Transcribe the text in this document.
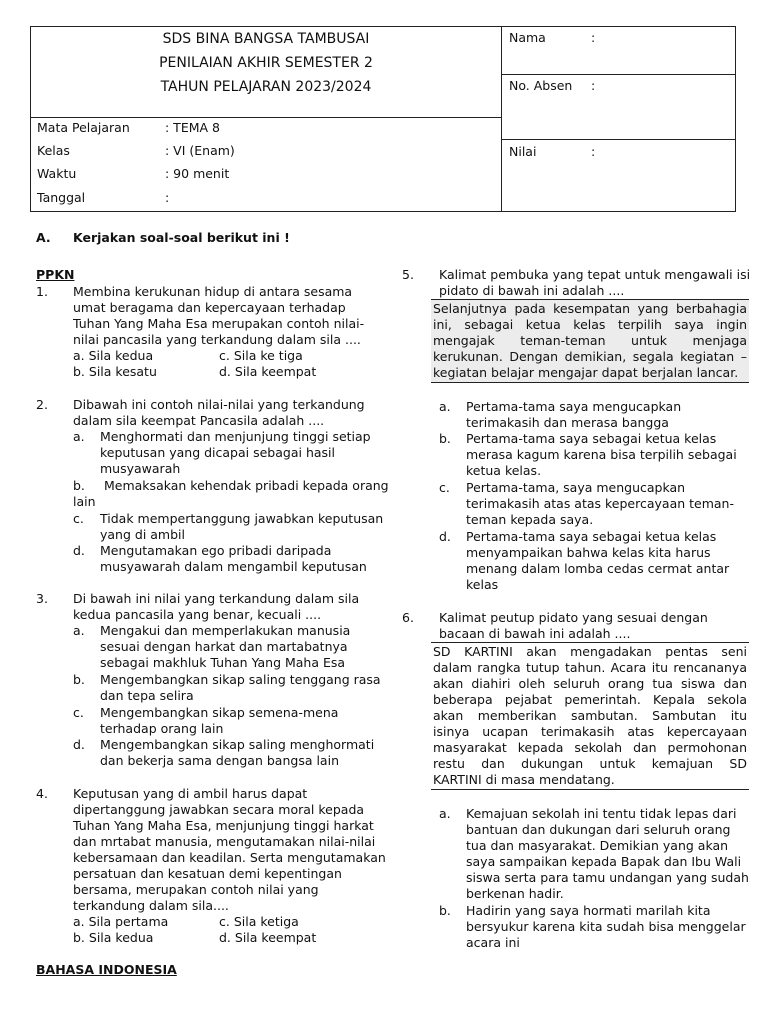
SDS BINA BANGSA TAMBUSAI
PENILAIAN AKHIR SEMESTER 2
TAHUN PELAJARAN 2023/2024
Mata Pelajaran	: TEMA 8
Kelas	: VI (Enam)
Waktu	: 90 menit
Tanggal	:
Nama	:
No. Absen :
Nilai	:
A. Kerjakan soal-soal berikut ini !
PPKN
1. Membina kerukunan hidup di antara sesama
umat beragama dan kepercayaan terhadap
Tuhan Yang Maha Esa merupakan contoh nilai-
nilai pancasila yang terkandung dalam sila ....
a. Sila kedua	c. Sila ke tiga
b. Sila kesatu	d. Sila keempat
2. Dibawah ini contoh nilai-nilai yang terkandung
dalam sila keempat Pancasila adalah ....
a. Menghormati dan menjunjung tinggi setiap
keputusan yang dicapai sebagai hasil
musyawarah
b. Memaksakan kehendak pribadi kepada orang
lain
c. Tidak mempertanggung jawabkan keputusan
yang di ambil
d. Mengutamakan ego pribadi daripada
musyawarah dalam mengambil keputusan
3. Di bawah ini nilai yang terkandung dalam sila
kedua pancasila yang benar, kecuali ....
a. Mengakui dan memperlakukan manusia
sesuai dengan harkat dan martabatnya
sebagai makhluk Tuhan Yang Maha Esa
b. Mengembangkan sikap saling tenggang rasa
dan tepa selira
c. Mengembangkan sikap semena-mena
terhadap orang lain
d. Mengembangkan sikap saling menghormati
dan bekerja sama dengan bangsa lain
4. Keputusan yang di ambil harus dapat
dipertanggung jawabkan secara moral kepada
Tuhan Yang Maha Esa, menjunjung tinggi harkat
dan mrtabat manusia, mengutamakan nilai-nilai
kebersamaan dan keadilan. Serta mengutamakan
persatuan dan kesatuan demi kepentingan
bersama, merupakan contoh nilai yang
terkandung dalam sila....
a. Sila pertama	c. Sila ketiga
b. Sila kedua	d. Sila keempat
BAHASA INDONESIA
5. Kalimat pembuka yang tepat untuk mengawali isi
pidato di bawah ini adalah ....
Selanjutnya pada kesempatan yang berbahagia
ini, sebagai ketua kelas terpilih saya ingin
mengajak teman-teman untuk menjaga
kerukunan. Dengan demikian, segala kegiatan –
kegiatan belajar mengajar dapat berjalan lancar.
a. Pertama-tama saya mengucapkan
terimakasih dan merasa bangga
b. Pertama-tama saya sebagai ketua kelas
merasa kagum karena bisa terpilih sebagai
ketua kelas.
c. Pertama-tama, saya mengucapkan
terimakasih atas atas kepercayaan teman-
teman kepada saya.
d. Pertama-tama saya sebagai ketua kelas
menyampaikan bahwa kelas kita harus
menang dalam lomba cedas cermat antar
kelas
6. Kalimat peutup pidato yang sesuai dengan
bacaan di bawah ini adalah ....
SD KARTINI akan mengadakan pentas seni
dalam rangka tutup tahun. Acara itu rencananya
akan diahiri oleh seluruh orang tua siswa dan
beberapa pejabat pemerintah. Kepala sekola
akan memberikan sambutan. Sambutan itu
isinya ucapan terimakasih atas kepercayaan
masyarakat kepada sekolah dan permohonan
restu dan dukungan untuk kemajuan SD
KARTINI di masa mendatang.
a. Kemajuan sekolah ini tentu tidak lepas dari
bantuan dan dukungan dari seluruh orang
tua dan masyarakat. Demikian yang akan
saya sampaikan kepada Bapak dan Ibu Wali
siswa serta para tamu undangan yang sudah
berkenan hadir.
b. Hadirin yang saya hormati marilah kita
bersyukur karena kita sudah bisa menggelar
acara ini
